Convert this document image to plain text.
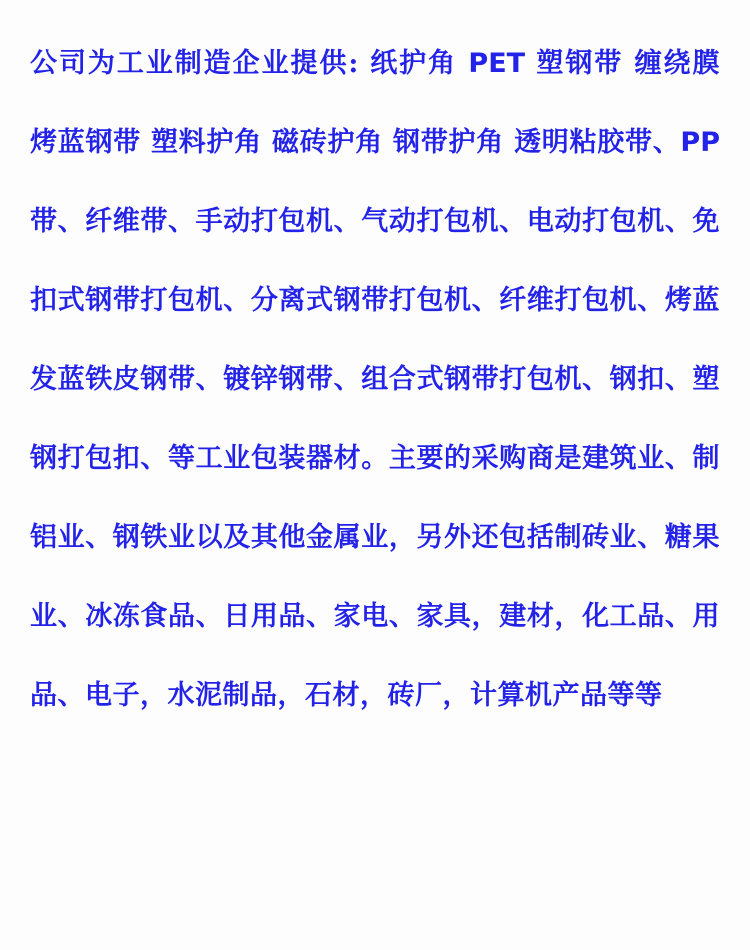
公司为工业制造企业提供: 纸护角 PET 塑钢带 缠绕膜 烤蓝钢带 塑料护角 磁砖护角 钢带护角 透明粘胶带、PP 带、纤维带、手动打包机、气动打包机、电动打包机、免扣式钢带打包机、分离式钢带打包机、纤维打包机、烤蓝发蓝铁皮钢带、镀锌钢带、组合式钢带打包机、钢扣、塑钢打包扣、等工业包装器材。主要的采购商是建筑业、制铝业、钢铁业以及其他金属业，另外还包括制砖业、糖果业、冰冻食品、日用品、家电、家具，建材，化工品、用品、电子，水泥制品，石材，砖厂，计算机产品等等
